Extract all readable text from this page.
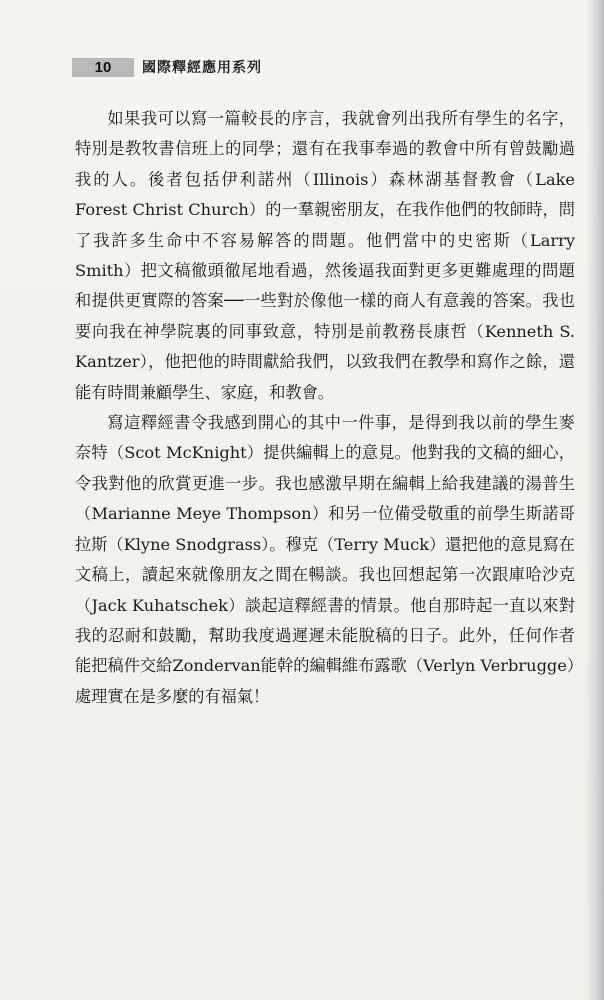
10	國際釋經應用系列

如果我可以寫一篇較長的序言，我就會列出我所有學生的名字，特別是教牧書信班上的同學；還有在我事奉過的教會中所有曾鼓勵過我的人。後者包括伊利諾州（Illinois）森林湖基督教會（Lake Forest Christ Church）的一羣親密朋友，在我作他們的牧師時，問了我許多生命中不容易解答的問題。他們當中的史密斯（Larry Smith）把文稿徹頭徹尾地看過，然後逼我面對更多更難處理的問題和提供更實際的答案──一些對於像他一樣的商人有意義的答案。我也要向我在神學院裏的同事致意，特別是前教務長康哲（Kenneth S. Kantzer），他把他的時間獻給我們，以致我們在教學和寫作之餘，還能有時間兼顧學生、家庭，和教會。

寫這釋經書令我感到開心的其中一件事，是得到我以前的學生麥奈特（Scot McKnight）提供編輯上的意見。他對我的文稿的細心，令我對他的欣賞更進一步。我也感激早期在編輯上給我建議的湯普生（Marianne Meye Thompson）和另一位備受敬重的前學生斯諾哥拉斯（Klyne Snodgrass）。穆克（Terry Muck）還把他的意見寫在文稿上，讀起來就像朋友之間在暢談。我也回想起第一次跟庫哈沙克（Jack Kuhatschek）談起這釋經書的情景。他自那時起一直以來對我的忍耐和鼓勵，幫助我度過遲遲未能脫稿的日子。此外，任何作者能把稿件交給Zondervan能幹的編輯維布露歌（Verlyn Verbrugge）處理實在是多麼的有福氣！
